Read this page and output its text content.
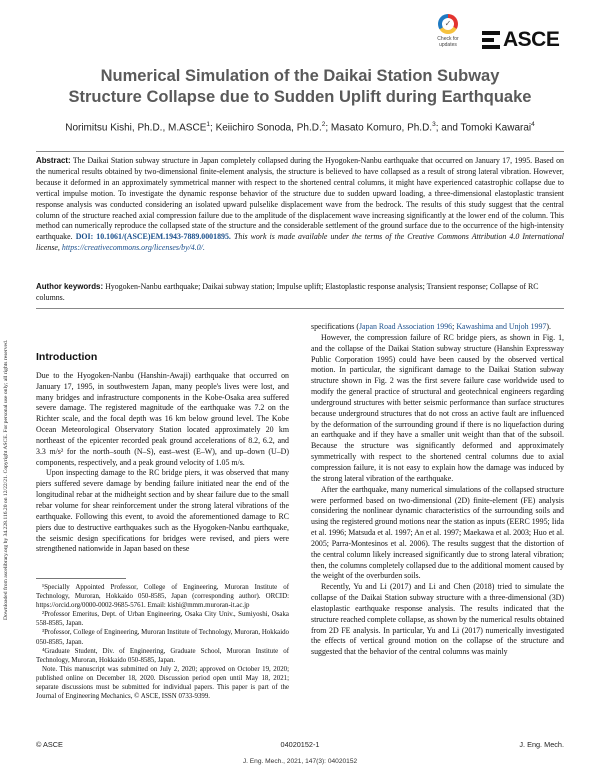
Downloaded from ascelibrary.org by 34.228.116.20 on 12/22/21. Copyright ASCE. For personal use only; all rights reserved.
✓
Check for
updates	ASCE
Numerical Simulation of the Daikai Station Subway
Structure Collapse due to Sudden Uplift during Earthquake
Norimitsu Kishi, Ph.D., M.ASCE$^1$; Keiichiro Sonoda, Ph.D.$^2$; Masato Komuro, Ph.D.$^3$; and Tomoki Kawarai$^4$
Abstract: The Daikai Station subway structure in Japan completely collapsed during the Hyogoken-Nanbu earthquake that occurred on January 17, 1995. Based on the numerical results obtained by two-dimensional finite-element analysis, the structure is believed to have collapsed as a result of strong lateral vibration. However, because it deformed in an approximately symmetrical manner with respect to the shortened central columns, it might have experienced catastrophic collapse due to vertical impulse motion. To investigate the dynamic response behavior of the structure due to sudden upward loading, a three-dimensional elastoplastic transient response analysis was conducted considering an isolated upward pulselike displacement wave from the bedrock. The results of this study suggest that the central column of the structure reached axial compression failure due to the amplitude of the displacement wave increasing significantly at the lower end of the column. This method can numerically reproduce the collapsed state of the structure and the considerable settlement of the ground surface due to the occurrence of the high-intensity earthquake. DOI: 10.1061/(ASCE)EM.1943-7889.0001895. This work is made available under the terms of the Creative Commons Attribution 4.0 International license, https://creativecommons.org/licenses/by/4.0/.
Author keywords: Hyogoken-Nanbu earthquake; Daikai subway station; Impulse uplift; Elastoplastic response analysis; Transient response; Collapse of RC columns.
Introduction

Due to the Hyogoken-Nanbu (Hanshin-Awaji) earthquake that occurred on January 17, 1995, in southwestern Japan, many people's lives were lost, and many bridges and infrastructure components in the Kobe-Osaka area suffered severe damage. The registered magnitude of the earthquake was 7.2 on the Richter scale, and the focal depth was 16 km below ground level. The Kobe Ocean Meteorological Observatory Station located approximately 20 km northeast of the epicenter recorded peak ground accelerations of 8.2, 6.2, and 3.3 m/s² for the north–south (N–S), east–west (E–W), and up–down (U–D) components, respectively, and a peak ground velocity of 1.05 m/s.

Upon inspecting damage to the RC bridge piers, it was observed that many piers suffered severe damage by bending failure initiated near the end of the longitudinal rebar at the midheight section and by shear failure due to the small rebar volume for shear reinforcement under the strong lateral vibrations of the earthquake. Following this event, to avoid the aforementioned damage to RC piers due to destructive earthquakes such as the Hyogoken-Nanbu earthquake, the seismic design specifications for bridges were revised, and piers were strengthened nationwide in Japan based on these

¹Specially Appointed Professor, College of Engineering, Muroran Institute of Technology, Muroran, Hokkaido 050-8585, Japan (corresponding author). ORCID: https://orcid.org/0000-0002-9685-5761. Email: kishi@mmm.muroran-it.ac.jp

²Professor Emeritus, Dept. of Urban Engineering, Osaka City Univ., Sumiyoshi, Osaka 558-8585, Japan.

³Professor, College of Engineering, Muroran Institute of Technology, Muroran, Hokkaido 050-8585, Japan.

⁴Graduate Student, Div. of Engineering, Graduate School, Muroran Institute of Technology, Muroran, Hokkaido 050-8585, Japan.

Note. This manuscript was submitted on July 2, 2020; approved on October 19, 2020; published online on December 18, 2020. Discussion period open until May 18, 2021; separate discussions must be submitted for individual papers. This paper is part of the Journal of Engineering Mechanics, © ASCE, ISSN 0733-9399.

specifications (Japan Road Association 1996; Kawashima and Unjoh 1997).

However, the compression failure of RC bridge piers, as shown in Fig. 1, and the collapse of the Daikai Station subway structure (Hanshin Expressway Public Corporation 1995) could have been caused by the observed vertical motion. In particular, the significant damage to the Daikai Station subway structure shown in Fig. 2 was the first severe failure case worldwide used to modify the general practice of structural and geotechnical engineers regarding underground structures with better seismic performance than surface structures because underground structures that do not cross an active fault are influenced by the deformation of the surrounding ground if there is no liquefaction during an earthquake and if they have a smaller unit weight than that of the subsoil. Because the structure was significantly deformed and approximately symmetrically with respect to the shortened central columns due to axial compression failure, it is not easy to explain how the damage was induced by the strong lateral vibration of the earthquake.

After the earthquake, many numerical simulations of the collapsed structure were performed based on two-dimensional (2D) finite-element (FE) analysis considering the nonlinear dynamic characteristics of the surrounding soils and using the registered ground motions near the station as inputs (EERC 1995; Iida et al. 1996; Matsuda et al. 1997; An et al. 1997; Maekawa et al. 2003; Huo et al. 2005; Parra-Montesinos et al. 2006). The results suggest that the distortion of the central column likely increased significantly due to strong lateral vibration; then, the columns completely collapsed due to the additional moment caused by the weight of the overburden soils.

Recently, Yu and Li (2017) and Li and Chen (2018) tried to simulate the collapse of the Daikai Station subway structure with a three-dimensional (3D) elastoplastic earthquake response analysis. The results indicated that the structure reached complete collapse, as shown by the numerical results obtained from 2D FE analysis. In particular, Yu and Li (2017) numerically investigated the effects of vertical ground motion on the collapse of the structure and suggested that the behavior of the central columns was mainly

© ASCE	04020152-1	J. Eng. Mech.
J. Eng. Mech., 2021, 147(3): 04020152
